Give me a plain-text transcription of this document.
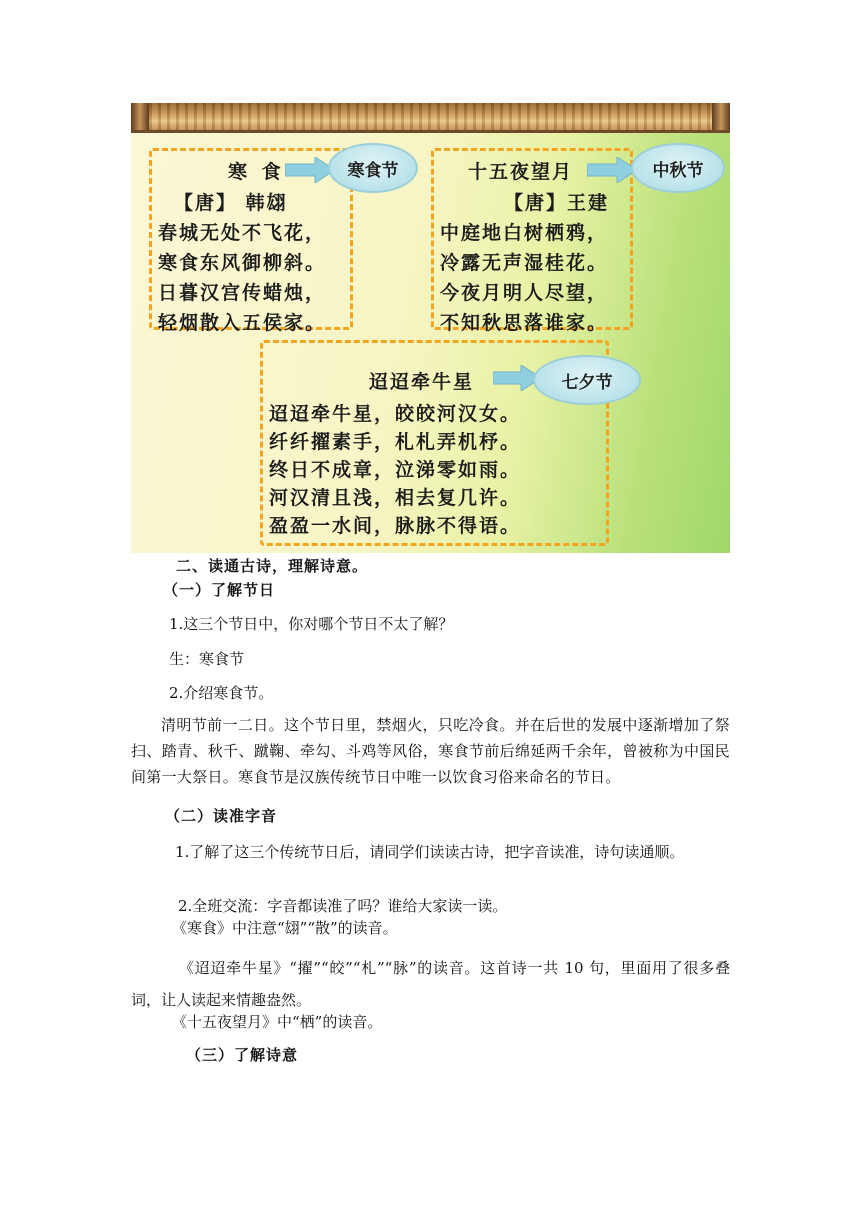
寒 食
【唐】 韩翃
春城无处不飞花，
寒食东风御柳斜。
日暮汉宫传蜡烛，
轻烟散入五侯家。
寒食节	十五夜望月
【唐】王建
中庭地白树栖鸦，
冷露无声湿桂花。
今夜月明人尽望，
不知秋思落谁家。
中秋节
迢迢牵牛星
迢迢牵牛星，皎皎河汉女。
纤纤擢素手，札札弄机杼。
终日不成章，泣涕零如雨。
河汉清且浅，相去复几许。
盈盈一水间，脉脉不得语。
七夕节
二、读通古诗，理解诗意。
（一）了解节日
1.这三个节日中，你对哪个节日不太了解？
生：寒食节
2.介绍寒食节。
清明节前一二日。这个节日里，禁烟火，只吃冷食。并在后世的发展中逐渐增加了祭扫、踏青、秋千、蹴鞠、牵勾、斗鸡等风俗，寒食节前后绵延两千余年，曾被称为中国民间第一大祭日。寒食节是汉族传统节日中唯一以饮食习俗来命名的节日。
（二）读准字音
1.了解了这三个传统节日后，请同学们读读古诗，把字音读准，诗句读通顺。
2.全班交流：字音都读准了吗？谁给大家读一读。
《寒食》中注意“翃”“散”的读音。
《迢迢牵牛星》“擢”“皎”“札”“脉”的读音。这首诗一共 10 句，里面用了很多叠词，让人读起来情趣盎然。
《十五夜望月》中“栖”的读音。
（三）了解诗意
